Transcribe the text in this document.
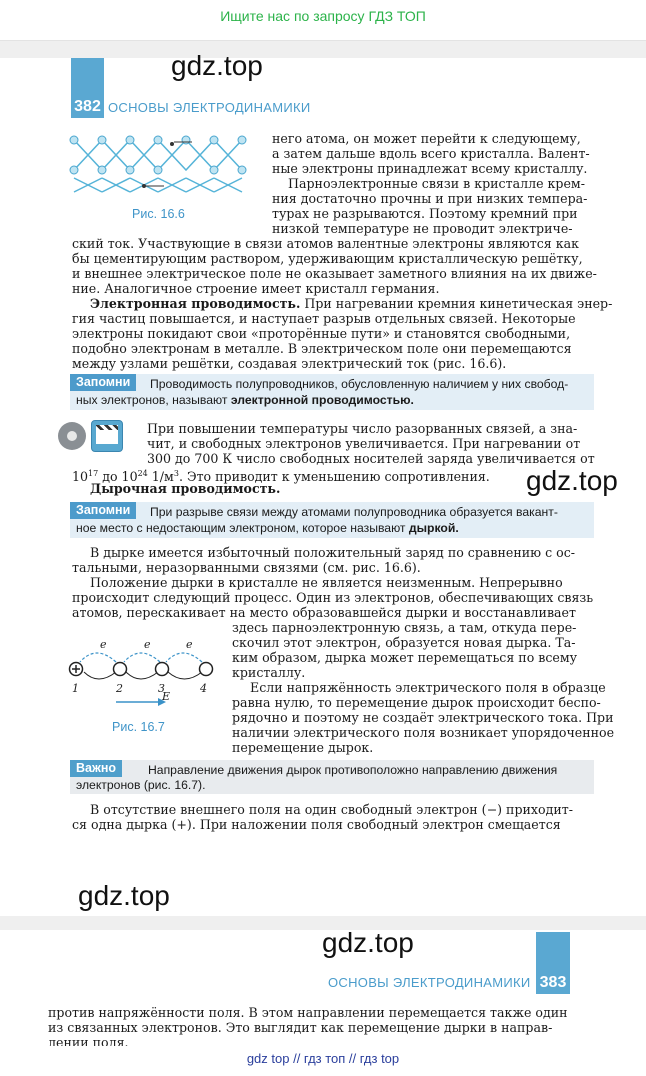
Ищите нас по запросу ГДЗ ТОП
382 ОСНОВЫ ЭЛЕКТРОДИНАМИКИ
gdz.top
Рис. 16.6
него атома, он может перейти к следующему,
а затем дальше вдоль всего кристалла. Валент-
ные электроны принадлежат всему кристаллу.
Парноэлектронные связи в кристалле крем-
ния достаточно прочны и при низких темпера-
турах не разрываются. Поэтому кремний при
низкой температуре не проводит электриче-
ский ток. Участвующие в связи атомов валентные электроны являются как
бы цементирующим раствором, удерживающим кристаллическую решётку,
и внешнее электрическое поле не оказывает заметного влияния на их движе-
ние. Аналогичное строение имеет кристалл германия.
Электронная проводимость. При нагревании кремния кинетическая энер-
гия частиц повышается, и наступает разрыв отдельных связей. Некоторые
электроны покидают свои «проторённые пути» и становятся свободными,
подобно электронам в металле. В электрическом поле они перемещаются
между узлами решётки, создавая электрический ток (рис. 16.6).
Запомни	Проводимость полупроводников, обусловленную наличием у них свобод-
ных электронов, называют электронной проводимостью.
При повышении температуры число разорванных связей, а зна-
чит, и свободных электронов увеличивается. При нагревании от
300 до 700 К число свободных носителей заряда увеличивается от
$10^{17}$ до $10^{24}$ $1/м^3$. Это приводит к уменьшению сопротивления.
Дырочная проводимость.	gdz.top
Запомни	При разрыве связи между атомами полупроводника образуется вакант-
ное место с недостающим электроном, которое называют дыркой.
В дырке имеется избыточный положительный заряд по сравнению с ос-
тальными, неразорванными связями (см. рис. 16.6).
Положение дырки в кристалле не является неизменным. Непрерывно
происходит следующий процесс. Один из электронов, обеспечивающих связь
атомов, перескакивает на место образовавшейся дырки и восстанавливает
e	e	e
1	2	3	4
E
Рис. 16.7
здесь парноэлектронную связь, а там, откуда пере-
скочил этот электрон, образуется новая дырка. Та-
ким образом, дырка может перемещаться по всему
кристаллу.
Если напряжённость электрического поля в образце
равна нулю, то перемещение дырок происходит беспо-
рядочно и поэтому не создаёт электрического тока. При
наличии электрического поля возникает упорядоченное
перемещение дырок.
Важно	Направление движения дырок противоположно направлению движения
электронов (рис. 16.7).
В отсутствие внешнего поля на один свободный электрон (−) приходит-
ся одна дырка (+). При наложении поля свободный электрон смещается
gdz.top
gdz.top
383
ОСНОВЫ ЭЛЕКТРОДИНАМИКИ
против напряжённости поля. В этом направлении перемещается также один
из связанных электронов. Это выглядит как перемещение дырки в направ-
лении поля.
gdz top // гдз топ // гдз top
